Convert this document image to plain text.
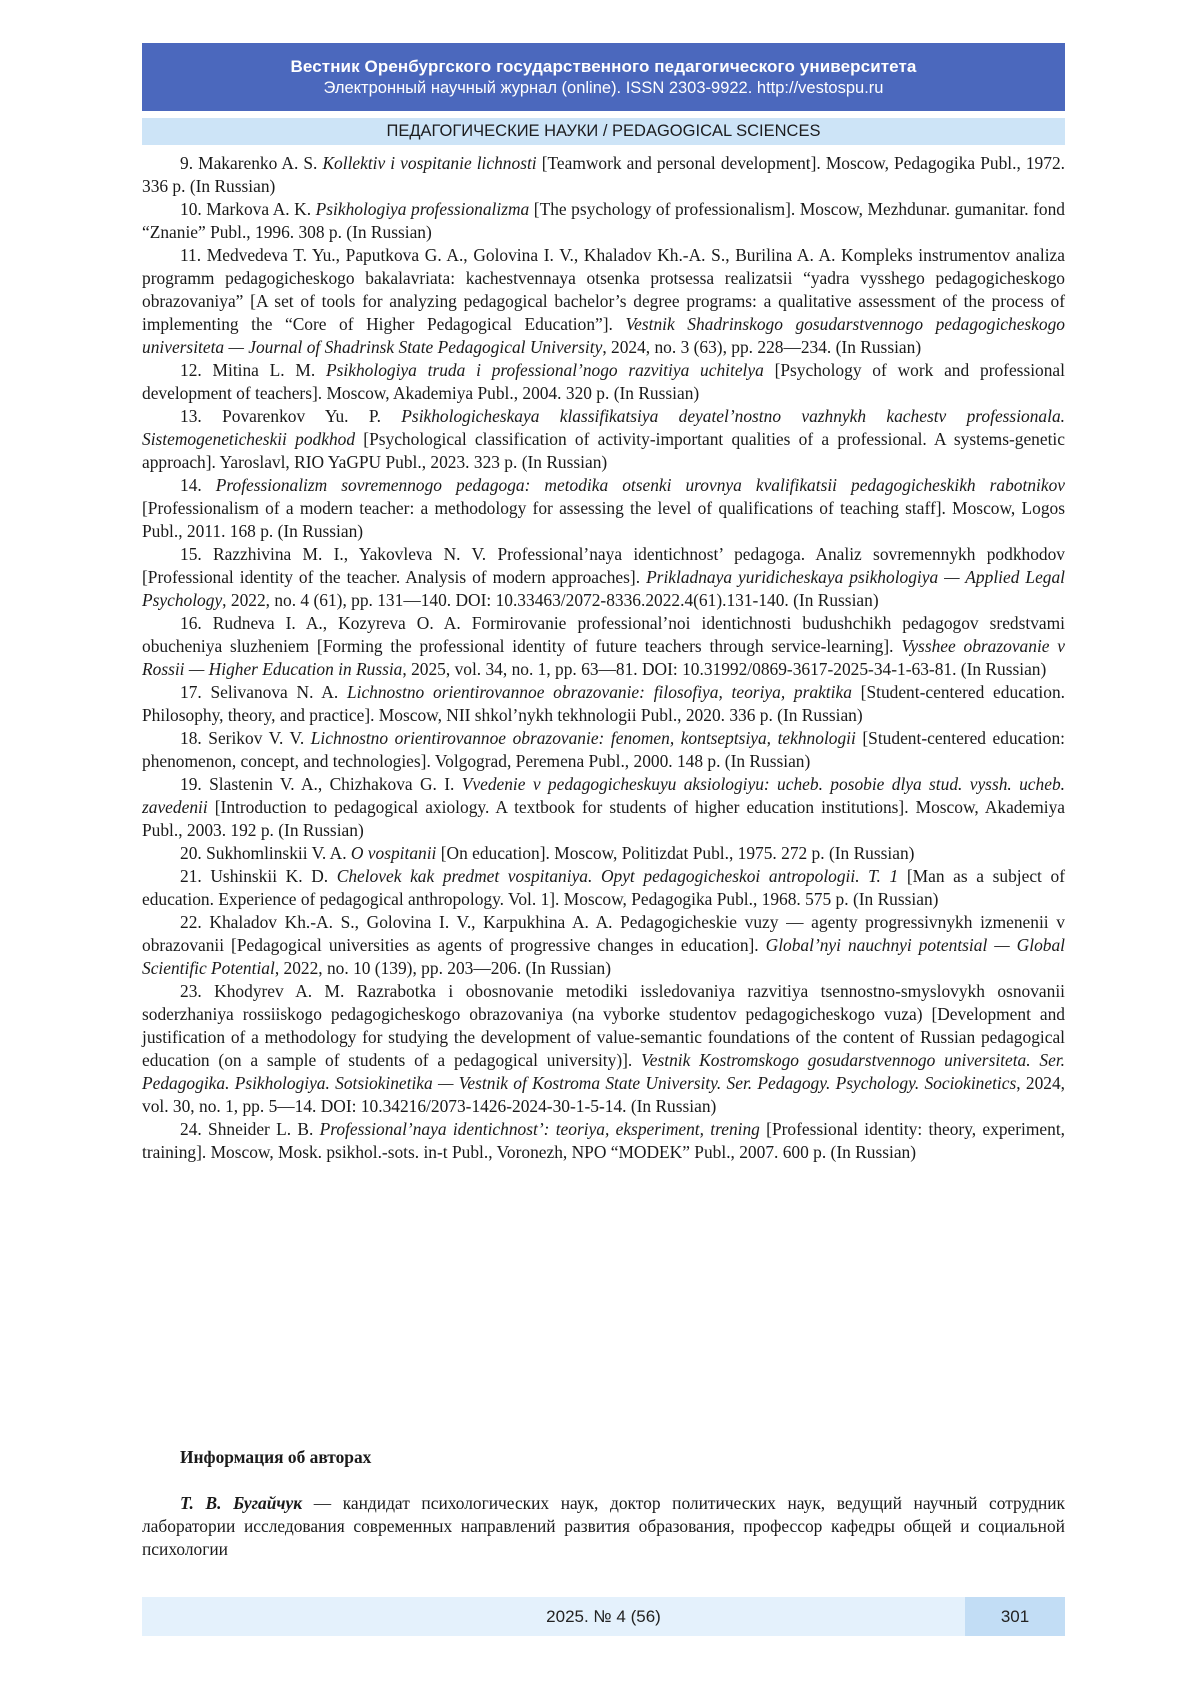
Вестник Оренбургского государственного педагогического университета
Электронный научный журнал (online). ISSN 2303-9922. http://vestospu.ru
ПЕДАГОГИЧЕСКИЕ НАУКИ / PEDAGOGICAL SCIENCES

9. Makarenko A. S. Kollektiv i vospitanie lichnosti [Teamwork and personal development]. Moscow, Pedagogika Publ., 1972. 336 p. (In Russian)

10. Markova A. K. Psikhologiya professionalizma [The psychology of professionalism]. Moscow, Mezhdunar. gumanitar. fond “Znanie” Publ., 1996. 308 p. (In Russian)

11. Medvedeva T. Yu., Paputkova G. A., Golovina I. V., Khaladov Kh.-A. S., Burilina A. A. Kompleks instrumentov analiza programm pedagogicheskogo bakalavriata: kachestvennaya otsenka protsessa realizatsii “yadra vysshego pedagogicheskogo obrazovaniya” [A set of tools for analyzing pedagogical bachelor’s degree programs: a qualitative assessment of the process of implementing the “Core of Higher Pedagogical Education”]. Vestnik Shadrinskogo gosudarstvennogo pedagogicheskogo universiteta — Journal of Shadrinsk State Pedagogical University, 2024, no. 3 (63), pp. 228—234. (In Russian)

12. Mitina L. M. Psikhologiya truda i professional’nogo razvitiya uchitelya [Psychology of work and professional development of teachers]. Moscow, Akademiya Publ., 2004. 320 p. (In Russian)

13. Povarenkov Yu. P. Psikhologicheskaya klassifikatsiya deyatel’nostno vazhnykh kachestv professionala. Sistemogeneticheskii podkhod [Psychological classification of activity-important qualities of a professional. A systems-genetic approach]. Yaroslavl, RIO YaGPU Publ., 2023. 323 p. (In Russian)

14. Professionalizm sovremennogo pedagoga: metodika otsenki urovnya kvalifikatsii pedagogicheskikh rabotnikov [Professionalism of a modern teacher: a methodology for assessing the level of qualifications of teaching staff]. Moscow, Logos Publ., 2011. 168 p. (In Russian)

15. Razzhivina M. I., Yakovleva N. V. Professional’naya identichnost’ pedagoga. Analiz sovremennykh podkhodov [Professional identity of the teacher. Analysis of modern approaches]. Prikladnaya yuridicheskaya psikhologiya — Applied Legal Psychology, 2022, no. 4 (61), pp. 131—140. DOI: 10.33463/2072-8336.2022.4(61).131-140. (In Russian)

16. Rudneva I. A., Kozyreva O. A. Formirovanie professional’noi identichnosti budushchikh pedagogov sredstvami obucheniya sluzheniem [Forming the professional identity of future teachers through service-learning]. Vysshee obrazovanie v Rossii — Higher Education in Russia, 2025, vol. 34, no. 1, pp. 63—81. DOI: 10.31992/0869-3617-2025-34-1-63-81. (In Russian)

17. Selivanova N. A. Lichnostno orientirovannoe obrazovanie: filosofiya, teoriya, praktika [Student-centered education. Philosophy, theory, and practice]. Moscow, NII shkol’nykh tekhnologii Publ., 2020. 336 p. (In Russian)

18. Serikov V. V. Lichnostno orientirovannoe obrazovanie: fenomen, kontseptsiya, tekhnologii [Student-centered education: phenomenon, concept, and technologies]. Volgograd, Peremena Publ., 2000. 148 p. (In Russian)

19. Slastenin V. A., Chizhakova G. I. Vvedenie v pedagogicheskuyu aksiologiyu: ucheb. posobie dlya stud. vyssh. ucheb. zavedenii [Introduction to pedagogical axiology. A textbook for students of higher education institutions]. Moscow, Akademiya Publ., 2003. 192 p. (In Russian)

20. Sukhomlinskii V. A. O vospitanii [On education]. Moscow, Politizdat Publ., 1975. 272 p. (In Russian)

21. Ushinskii K. D. Chelovek kak predmet vospitaniya. Opyt pedagogicheskoi antropologii. T. 1 [Man as a subject of education. Experience of pedagogical anthropology. Vol. 1]. Moscow, Pedagogika Publ., 1968. 575 p. (In Russian)

22. Khaladov Kh.-A. S., Golovina I. V., Karpukhina A. A. Pedagogicheskie vuzy — agenty progressivnykh izmenenii v obrazovanii [Pedagogical universities as agents of progressive changes in education]. Global’nyi nauchnyi potentsial — Global Scientific Potential, 2022, no. 10 (139), pp. 203—206. (In Russian)

23. Khodyrev A. M. Razrabotka i obosnovanie metodiki issledovaniya razvitiya tsennostno-smyslovykh osnovanii soderzhaniya rossiiskogo pedagogicheskogo obrazovaniya (na vyborke studentov pedagogicheskogo vuza) [Development and justification of a methodology for studying the development of value-semantic foundations of the content of Russian pedagogical education (on a sample of students of a pedagogical university)]. Vestnik Kostromskogo gosudarstvennogo universiteta. Ser. Pedagogika. Psikhologiya. Sotsiokinetika — Vestnik of Kostroma State University. Ser. Pedagogy. Psychology. Sociokinetics, 2024, vol. 30, no. 1, pp. 5—14. DOI: 10.34216/2073-1426-2024-30-1-5-14. (In Russian)

24. Shneider L. B. Professional’naya identichnost’: teoriya, eksperiment, trening [Professional identity: theory, experiment, training]. Moscow, Mosk. psikhol.-sots. in-t Publ., Voronezh, NPO “MODEK” Publ., 2007. 600 p. (In Russian)

Информация об авторах

Т. В. Бугайчук — кандидат психологических наук, доктор политических наук, ведущий научный сотрудник лаборатории исследования современных направлений развития образования, профессор кафедры общей и социальной психологии

2025. № 4 (56)	301
